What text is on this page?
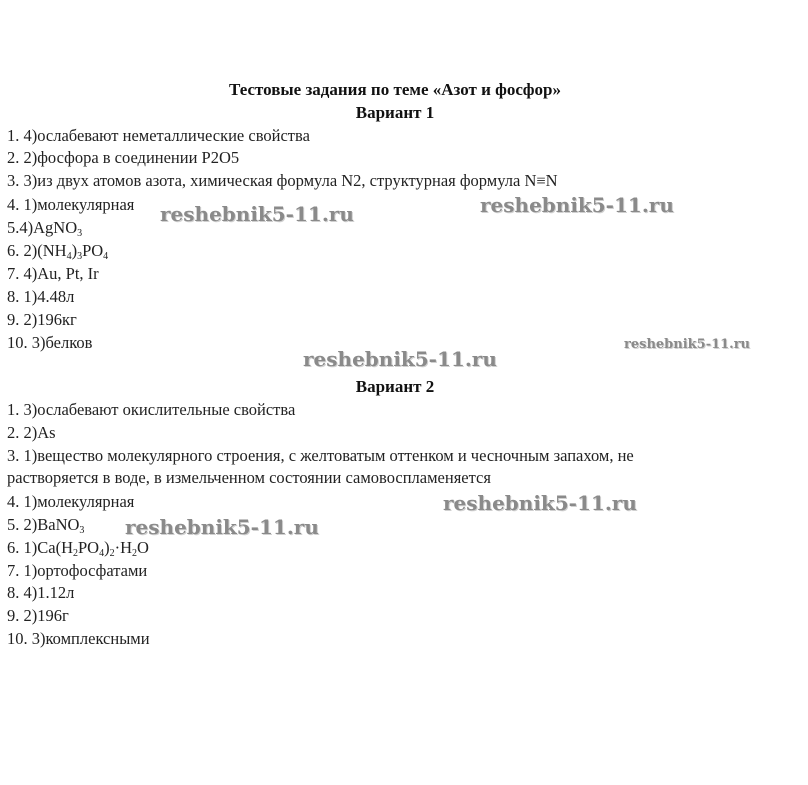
Тестовые задания по теме «Азот и фосфор»
Вариант 1
1. 4)ослабевают неметаллические свойства
2. 2)фосфора в соединении P2O5
3. 3)из двух атомов азота, химическая формула N2, структурная формула N≡N
4. 1)молекулярная
5.4)AgNO$_3$
6. $2)(NH_4)_3PO_4$
7. 4)Au, Pt, Ir
8. 1)4.48л
9. 2)196кг
10. 3)белков
Вариант 2
1. 3)ослабевают окислительные свойства
2. 2)As
3. 1)вещество молекулярного строения, с желтоватым оттенком и чесночным запахом, не
растворяется в воде, в измельченном состоянии самовоспламеняется
4. 1)молекулярная
5. 2)BaNO$_3$
6. $1)Ca(H_2PO_4)_2\cdot H_2O$
7. 1)ортофосфатами
8. 4)1.12л
9. 2)196г
10. 3)комплексными
reshebnik5-11.ru	reshebnik5-11.ru
reshebnik5-11.ru
reshebnik5-11.ru
reshebnik5-11.ru
reshebnik5-11.ru
